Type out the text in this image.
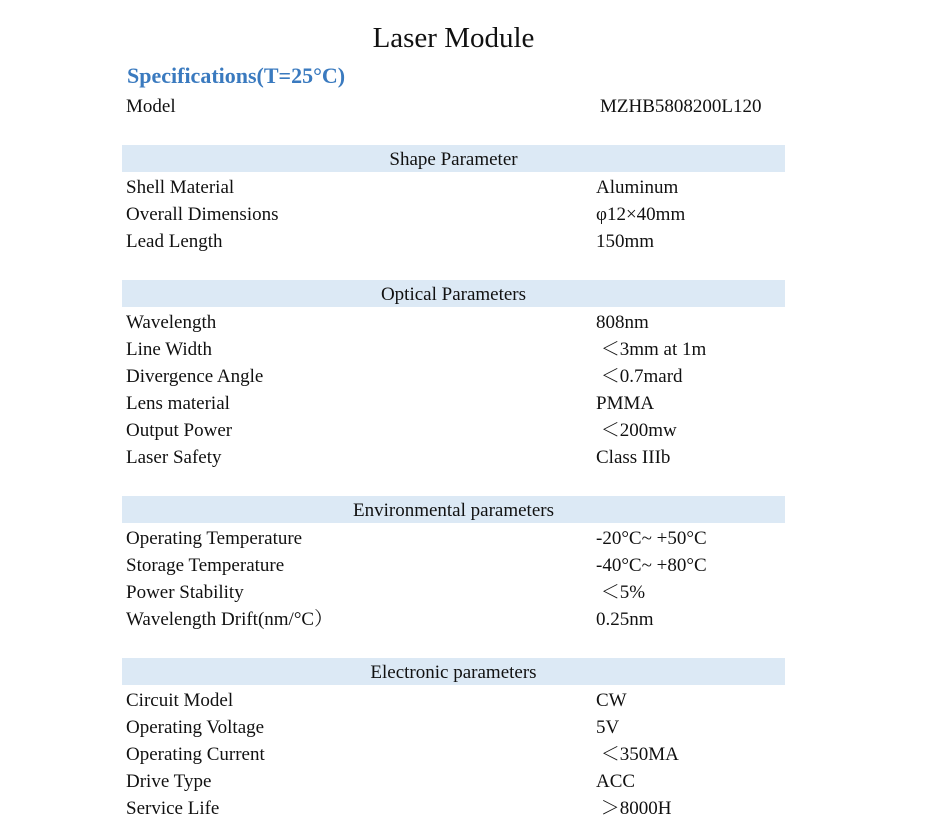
Laser Module
Specifications(T=25°C)
Model	MZHB5808200L120
Shape Parameter
Shell Material	Aluminum
Overall Dimensions	φ12×40mm
Lead Length	150mm
Optical Parameters
Wavelength	808nm
Line Width	＜3mm at 1m
Divergence Angle	＜0.7mard
Lens material	PMMA
Output Power	＜200mw
Laser Safety	Class IIIb
Environmental parameters
Operating Temperature	-20°C~ +50°C
Storage Temperature	-40°C~ +80°C
Power Stability	＜5%
Wavelength Drift(nm/°C）	0.25nm
Electronic parameters
Circuit Model	CW
Operating Voltage	5V
Operating Current	＜350MA
Drive Type	ACC
Service Life	＞8000H
